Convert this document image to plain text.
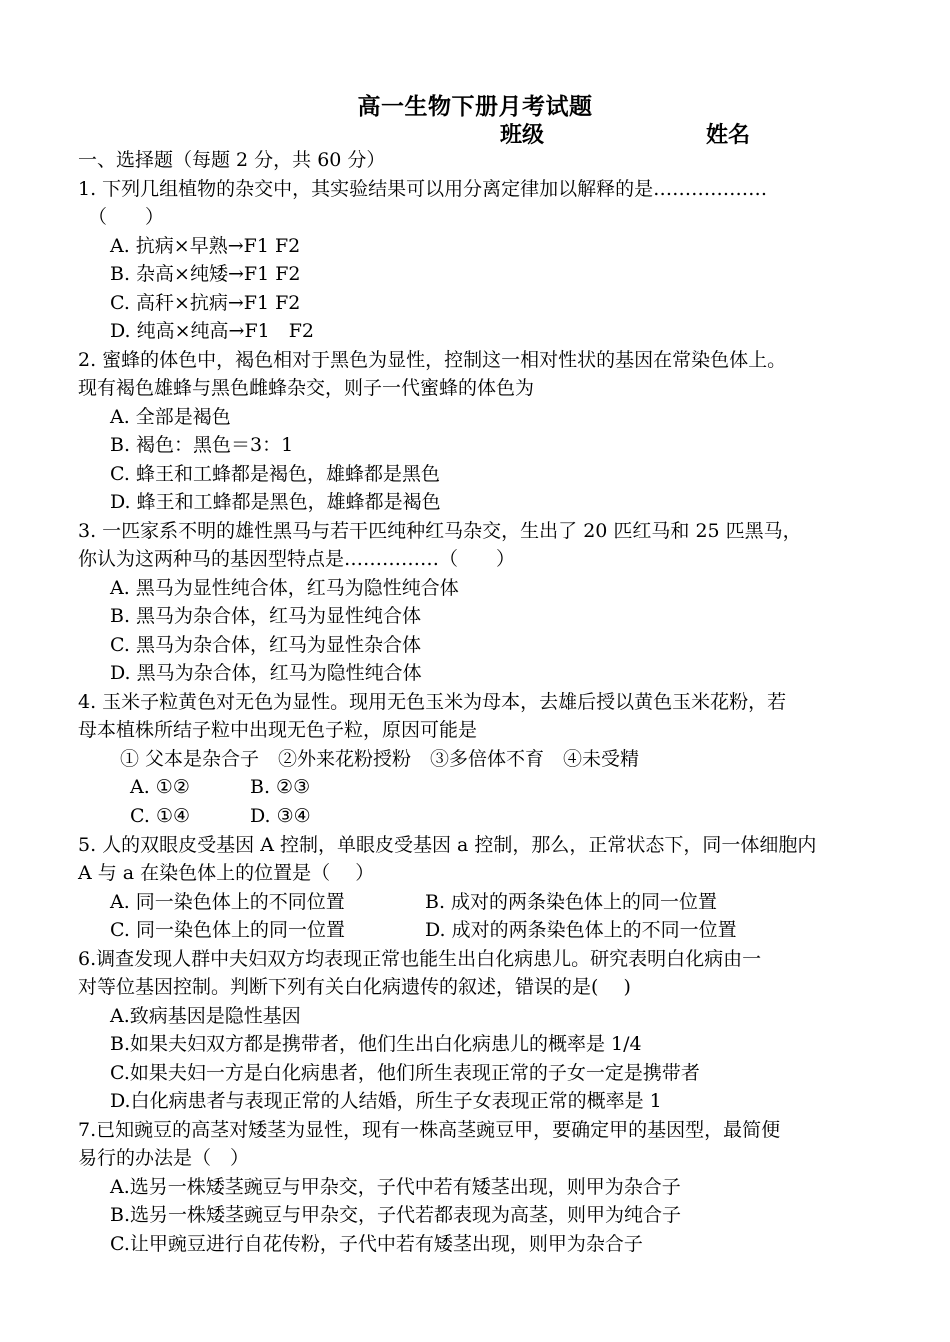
高一生物下册月考试题
班级	姓名
一、选择题（每题 2 分，共 60 分）
1. 下列几组植物的杂交中，其实验结果可以用分离定律加以解释的是………………
（　　）
A. 抗病×早熟→F1 F2
B. 杂高×纯矮→F1 F2
C. 高秆×抗病→F1 F2
D. 纯高×纯高→F1　F2
2. 蜜蜂的体色中，褐色相对于黑色为显性，控制这一相对性状的基因在常染色体上。
现有褐色雄蜂与黑色雌蜂杂交，则子一代蜜蜂的体色为
A. 全部是褐色
B. 褐色：黑色＝3：1
C. 蜂王和工蜂都是褐色，雄蜂都是黑色
D. 蜂王和工蜂都是黑色，雄蜂都是褐色
3. 一匹家系不明的雄性黑马与若干匹纯种红马杂交，生出了 20 匹红马和 25 匹黑马，
你认为这两种马的基因型特点是……………（　　）
A. 黑马为显性纯合体，红马为隐性纯合体
B. 黑马为杂合体，红马为显性纯合体
C. 黑马为杂合体，红马为显性杂合体
D. 黑马为杂合体，红马为隐性纯合体
4. 玉米子粒黄色对无色为显性。现用无色玉米为母本，去雄后授以黄色玉米花粉，若
母本植株所结子粒中出现无色子粒，原因可能是
① 父本是杂合子　②外来花粉授粉　③多倍体不育　④未受精
A. ①②	B. ②③
C. ①④	D. ③④
5. 人的双眼皮受基因 A 控制，单眼皮受基因 a 控制，那么，正常状态下，同一体细胞内
A 与 a 在染色体上的位置是（　 ）
A. 同一染色体上的不同位置	B. 成对的两条染色体上的同一位置
C. 同一染色体上的同一位置	D. 成对的两条染色体上的不同一位置
6.调查发现人群中夫妇双方均表现正常也能生出白化病患儿。研究表明白化病由一
对等位基因控制。判断下列有关白化病遗传的叙述，错误的是(　 )
A.致病基因是隐性基因
B.如果夫妇双方都是携带者，他们生出白化病患儿的概率是 1/4
C.如果夫妇一方是白化病患者，他们所生表现正常的子女一定是携带者
D.白化病患者与表现正常的人结婚，所生子女表现正常的概率是 1
7.已知豌豆的高茎对矮茎为显性，现有一株高茎豌豆甲，要确定甲的基因型，最简便
易行的办法是（　）
A.选另一株矮茎豌豆与甲杂交，子代中若有矮茎出现，则甲为杂合子
B.选另一株矮茎豌豆与甲杂交，子代若都表现为高茎，则甲为纯合子
C.让甲豌豆进行自花传粉，子代中若有矮茎出现，则甲为杂合子
